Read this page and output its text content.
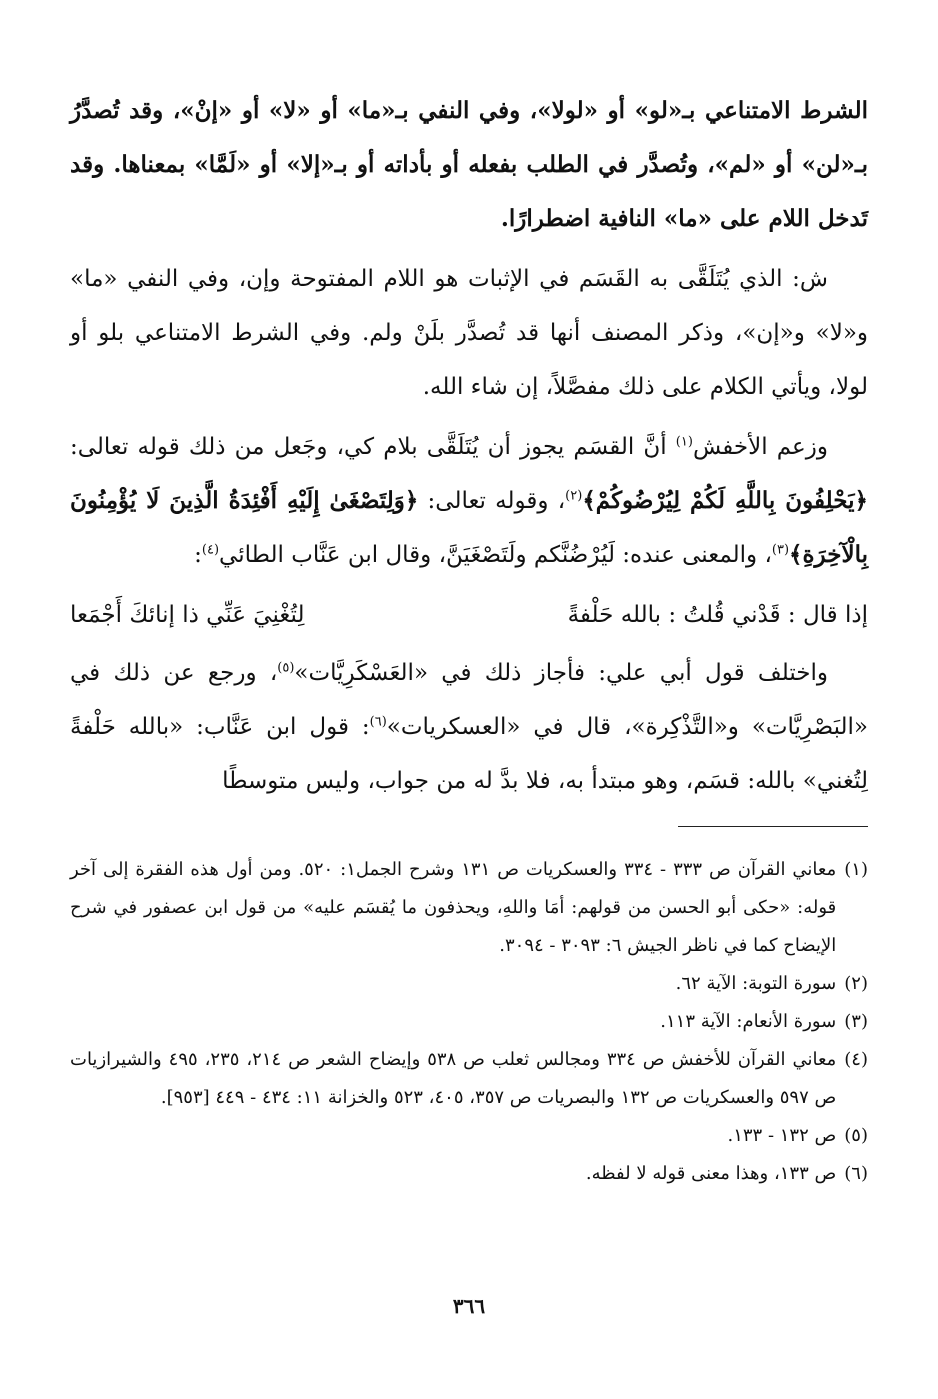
الشرط الامتناعي بـ«لو» أو «لولا»، وفي النفي بـ«ما» أو «لا» أو «إنْ»، وقد تُصدَّرُ بـ«لن» أو «لم»، وتُصدَّر في الطلب بفعله أو بأداته أو بـ«إلا» أو «لَمَّا» بمعناها. وقد تَدخل اللام على «ما» النافية اضطرارًا.

ش: الذي يُتَلَقَّى به القَسَم في الإثبات هو اللام المفتوحة وإن، وفي النفي «ما» و«لا» و«إن»، وذكر المصنف أنها قد تُصدَّر بلَنْ ولم. وفي الشرط الامتناعي بلو أو لولا، ويأتي الكلام على ذلك مفصَّلاً، إن شاء الله.

وزعم الأخفش$^{(١)}$ أنَّ القسَم يجوز أن يُتَلَقَّى بلام كي، وجَعل من ذلك قوله تعالى: ﴿يَحْلِفُونَ بِاللَّهِ لَكُمْ لِيُرْضُوكُمْ﴾$^{(٢)}$، وقوله تعالى: ﴿وَلِتَصْغَىٰ إِلَيْهِ أَفْئِدَةُ الَّذِينَ لَا يُؤْمِنُونَ بِالْآخِرَةِ﴾$^{(٣)}$، والمعنى عنده: لَيُرْضُنَّكم ولَتَصْغَيَنَّ، وقال ابن عَنَّاب الطائي$^{(٤)}$:

إذا قال : قَدْني قُلتُ : بالله حَلْفةً
لِتُغْنِيَ عَنِّي ذا إنائكَ أَجْمَعا

واختلف قول أبي علي: فأجاز ذلك في «العَسْكَرِيَّات»$^{(٥)}$، ورجع عن ذلك في «البَصْرِيَّات» و«التَّذْكِرة»، قال في «العسكريات»$^{(٦)}$: قول ابن عَنَّاب: «بالله حَلْفةً لِتُغني» بالله: قسَم، وهو مبتدأ به، فلا بدَّ له من جواب، وليس متوسطًا

(١)
معاني القرآن ص ٣٣٣ - ٣٣٤ والعسكريات ص ١٣١ وشرح الجمل١: ٥٢٠. ومن أول هذه الفقرة إلى آخر قوله: «حكى أبو الحسن من قولهم: أمَا واللهِ، ويحذفون ما يُقسَم عليه» من قول ابن عصفور في شرح الإيضاح كما في ناظر الجيش ٦: ٣٠٩٣ - ٣٠٩٤.
(٢)
سورة التوبة: الآية ٦٢.
(٣)
سورة الأنعام: الآية ١١٣.
(٤)
معاني القرآن للأخفش ص ٣٣٤ ومجالس ثعلب ص ٥٣٨ وإيضاح الشعر ص ٢١٤، ٢٣٥، ٤٩٥ والشيرازيات ص ٥٩٧ والعسكريات ص ١٣٢ والبصريات ص ٣٥٧، ٤٠٥، ٥٢٣ والخزانة ١١: ٤٣٤ - ٤٤٩ [٩٥٣].
(٥)
ص ١٣٢ - ١٣٣.
(٦)
ص ١٣٣، وهذا معنى قوله لا لفظه.
٣٦٦
